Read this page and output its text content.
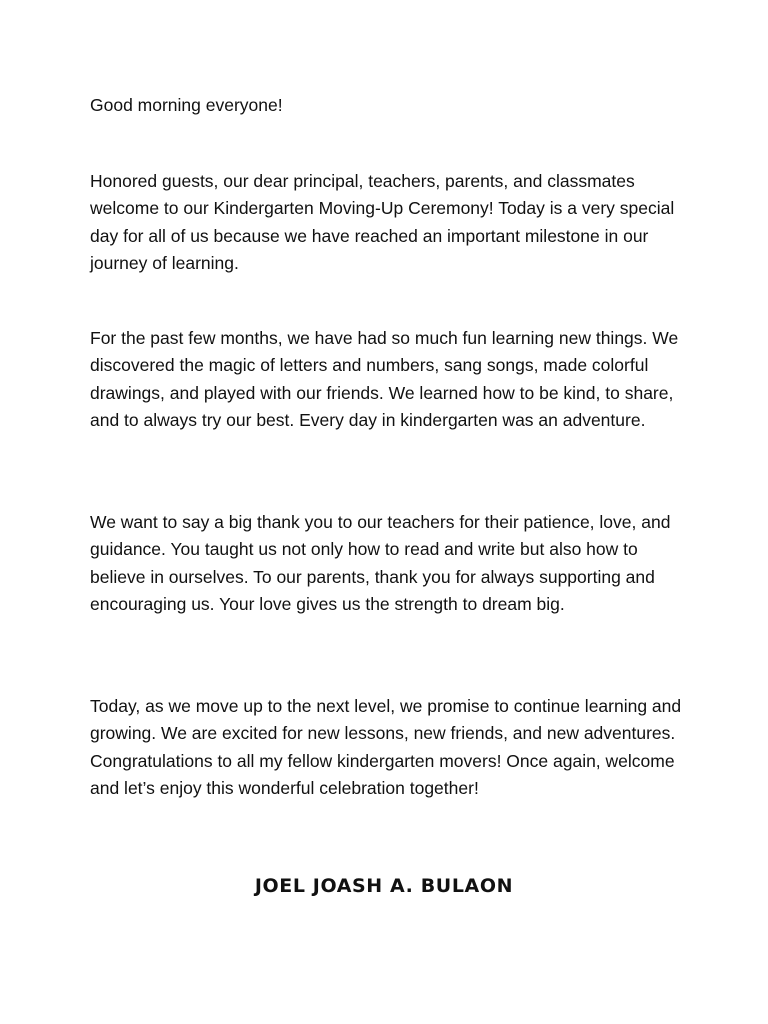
Good morning everyone!

Honored guests, our dear principal, teachers, parents, and classmates welcome to our Kindergarten Moving-Up Ceremony! Today is a very special day for all of us because we have reached an important milestone in our journey of learning.

For the past few months, we have had so much fun learning new things. We discovered the magic of letters and numbers, sang songs, made colorful drawings, and played with our friends. We learned how to be kind, to share, and to always try our best. Every day in kindergarten was an adventure.

We want to say a big thank you to our teachers for their patience, love, and guidance. You taught us not only how to read and write but also how to believe in ourselves. To our parents, thank you for always supporting and encouraging us. Your love gives us the strength to dream big.

Today, as we move up to the next level, we promise to continue learning and growing. We are excited for new lessons, new friends, and new adventures. Congratulations to all my fellow kindergarten movers! Once again, welcome and let’s enjoy this wonderful celebration together!

JOEL JOASH A. BULAON
